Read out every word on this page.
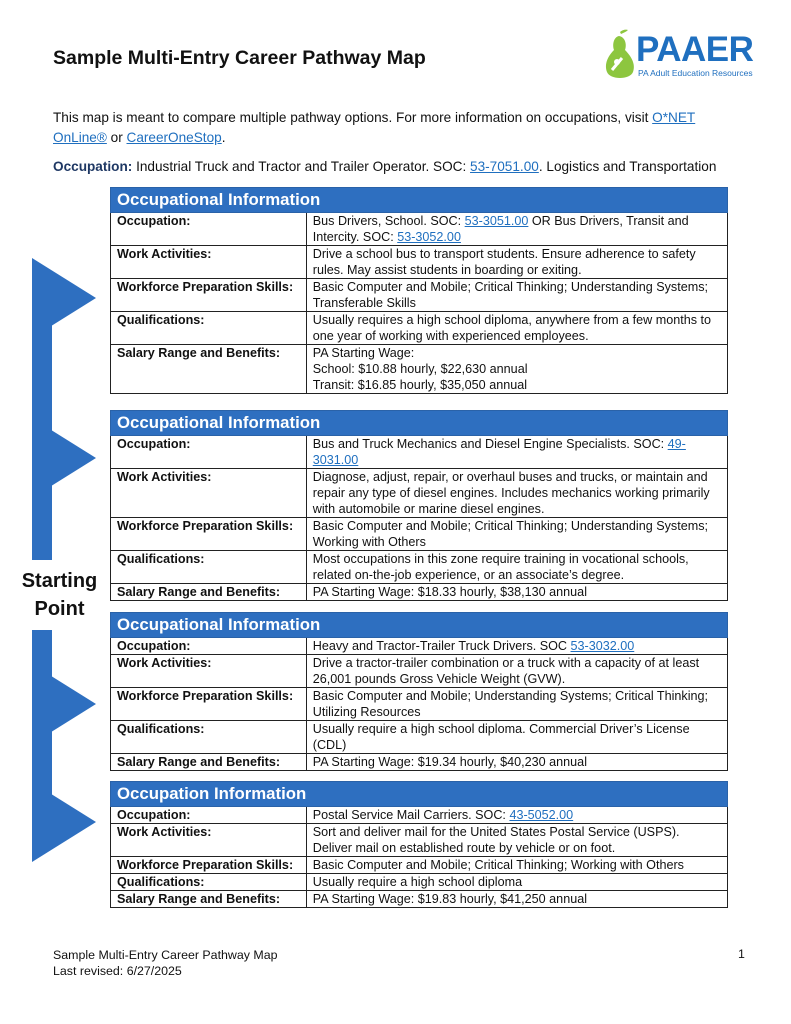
Sample Multi-Entry Career Pathway Map	PAAER
PA Adult Education Resources
This map is meant to compare multiple pathway options. For more information on occupations, visit O*NET OnLine® or CareerOneStop.
Occupation: Industrial Truck and Tractor and Trailer Operator. SOC: 53-7051.00. Logistics and Transportation
Occupational Information	
Occupation:	Bus Drivers, School. SOC: 53-3051.00 OR Bus Drivers, Transit and Intercity. SOC: 53-3052.00
Work Activities:	Drive a school bus to transport students. Ensure adherence to safety rules. May assist students in boarding or exiting.
Workforce Preparation Skills:	Basic Computer and Mobile; Critical Thinking; Understanding Systems; Transferable Skills
Qualifications:	Usually requires a high school diploma, anywhere from a few months to one year of working with experienced employees.
Salary Range and Benefits:	PA Starting Wage:
School: $10.88 hourly, $22,630 annual
Transit: $16.85 hourly, $35,050 annual
Occupational Information	
Occupation:	Bus and Truck Mechanics and Diesel Engine Specialists. SOC: 49-3031.00
Work Activities:	Diagnose, adjust, repair, or overhaul buses and trucks, or maintain and repair any type of diesel engines. Includes mechanics working primarily with automobile or marine diesel engines.
Workforce Preparation Skills:	Basic Computer and Mobile; Critical Thinking; Understanding Systems; Working with Others
Qualifications:	Most occupations in this zone require training in vocational schools, related on-the-job experience, or an associate’s degree.
Salary Range and Benefits:	PA Starting Wage: $18.33 hourly, $38,130 annual
Occupational Information	
Occupation:	Heavy and Tractor-Trailer Truck Drivers. SOC 53-3032.00
Work Activities:	Drive a tractor-trailer combination or a truck with a capacity of at least 26,001 pounds Gross Vehicle Weight (GVW).
Workforce Preparation Skills:	Basic Computer and Mobile; Understanding Systems; Critical Thinking; Utilizing Resources
Qualifications:	Usually require a high school diploma. Commercial Driver’s License (CDL)
Salary Range and Benefits:	PA Starting Wage: $19.34 hourly, $40,230 annual
Occupation Information	
Occupation:	Postal Service Mail Carriers. SOC: 43-5052.00
Work Activities:	Sort and deliver mail for the United States Postal Service (USPS). Deliver mail on established route by vehicle or on foot.
Workforce Preparation Skills:	Basic Computer and Mobile; Critical Thinking; Working with Others
Qualifications:	Usually require a high school diploma
Salary Range and Benefits:	PA Starting Wage: $19.83 hourly, $41,250 annual
Starting
Point
Sample Multi-Entry Career Pathway Map
Last revised: 6/27/2025
1
